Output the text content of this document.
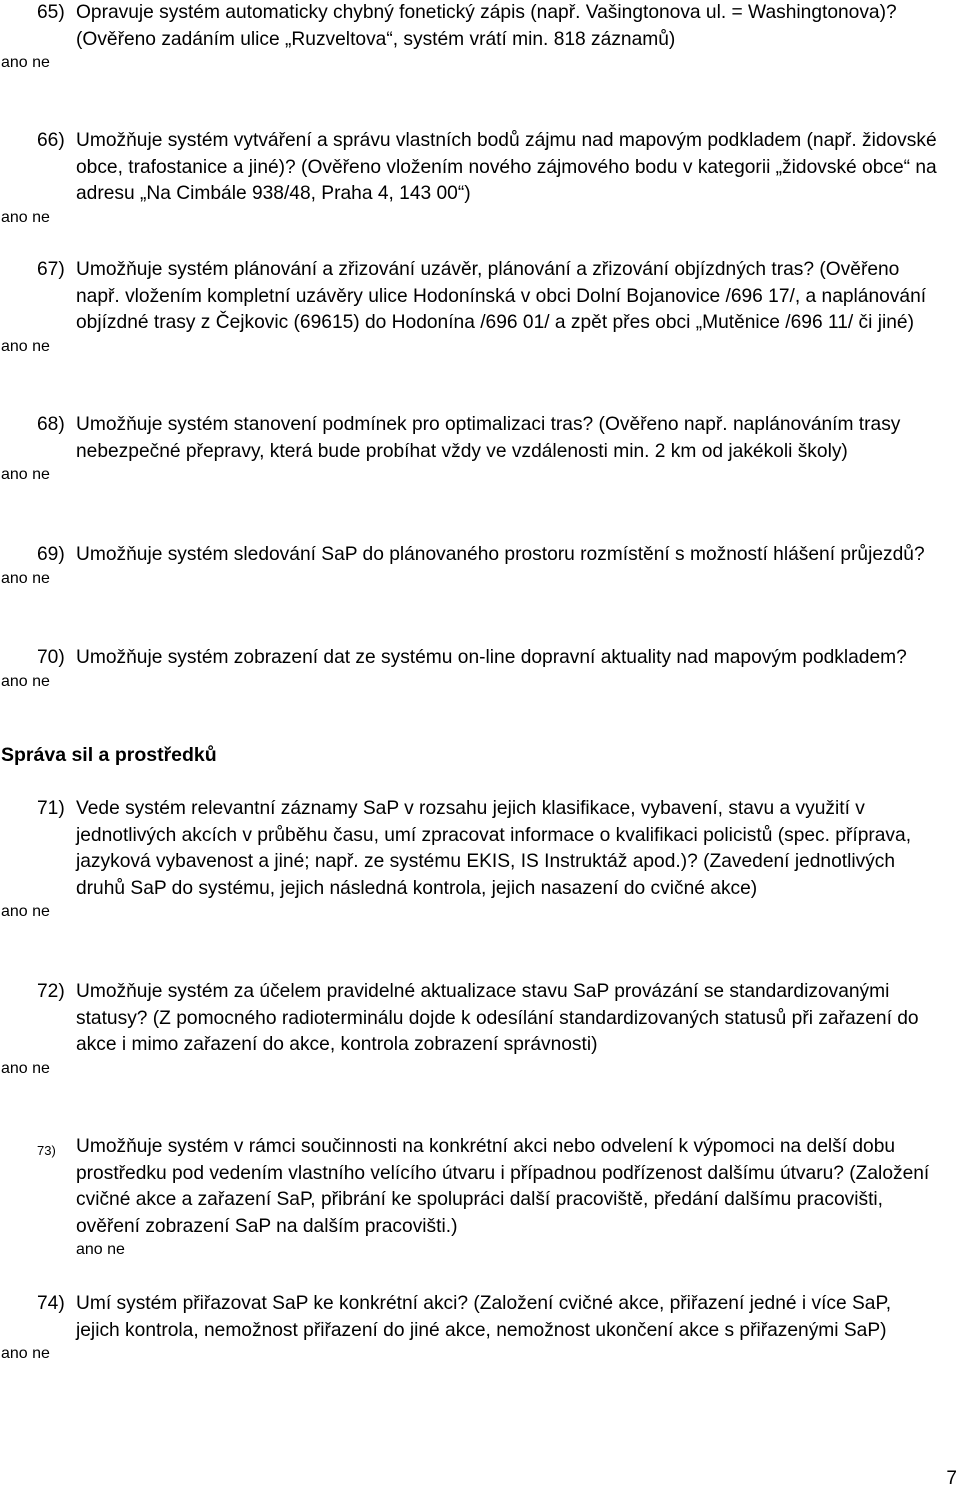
65) Opravuje systém automaticky chybný fonetický zápis (např. Vašingtonova ul. = Washingtonova)? (Ověřeno zadáním ulice „Ruzveltova“, systém vrátí min. 818 záznamů)
ano ne
66) Umožňuje systém vytváření a správu vlastních bodů zájmu nad mapovým podkladem (např. židovské obce, trafostanice a jiné)? (Ověřeno vložením nového zájmového bodu v kategorii „židovské obce“ na adresu „Na Cimbále 938/48, Praha 4, 143 00“)
ano ne
67) Umožňuje systém plánování a zřizování uzávěr, plánování a zřizování objízdných tras? (Ověřeno např. vložením kompletní uzávěry ulice Hodonínská v obci Dolní Bojanovice /696 17/, a naplánování objízdné trasy z Čejkovic (69615) do Hodonína /696 01/ a zpět přes obci „Mutěnice /696 11/ či jiné)
ano ne
68) Umožňuje systém stanovení podmínek pro optimalizaci tras? (Ověřeno např. naplánováním trasy nebezpečné přepravy, která bude probíhat vždy ve vzdálenosti min. 2 km od jakékoli školy)
ano ne
69) Umožňuje systém sledování SaP do plánovaného prostoru rozmístění s možností hlášení průjezdů?
ano ne
70) Umožňuje systém zobrazení dat ze systému on-line dopravní aktuality nad mapovým podkladem?
ano ne
Správa sil a prostředků
71) Vede systém relevantní záznamy SaP v rozsahu jejich klasifikace, vybavení, stavu a využití v jednotlivých akcích v průběhu času, umí zpracovat informace o kvalifikaci policistů (spec. příprava, jazyková vybavenost a jiné; např. ze systému EKIS, IS Instruktáž apod.)? (Zavedení jednotlivých druhů SaP do systému, jejich následná kontrola, jejich nasazení do cvičné akce)
ano ne
72) Umožňuje systém za účelem pravidelné aktualizace stavu SaP provázání se standardizovanými statusy? (Z pomocného radioterminálu dojde k odesílání standardizovaných statusů při zařazení do akce i mimo zařazení do akce, kontrola zobrazení správnosti)
ano ne
73) Umožňuje systém v rámci součinnosti na konkrétní akci nebo odvelení k výpomoci na delší dobu prostředku pod vedením vlastního velícího útvaru i případnou podřízenost dalšímu útvaru? (Založení cvičné akce a zařazení SaP, přibrání ke spolupráci další pracoviště, předání dalšímu pracovišti, ověření zobrazení SaP na dalším pracovišti.)
ano ne
74) Umí systém přiřazovat SaP ke konkrétní akci? (Založení cvičné akce, přiřazení jedné i více SaP, jejich kontrola, nemožnost přiřazení do jiné akce, nemožnost ukončení akce s přiřazenými SaP)
ano ne
7
